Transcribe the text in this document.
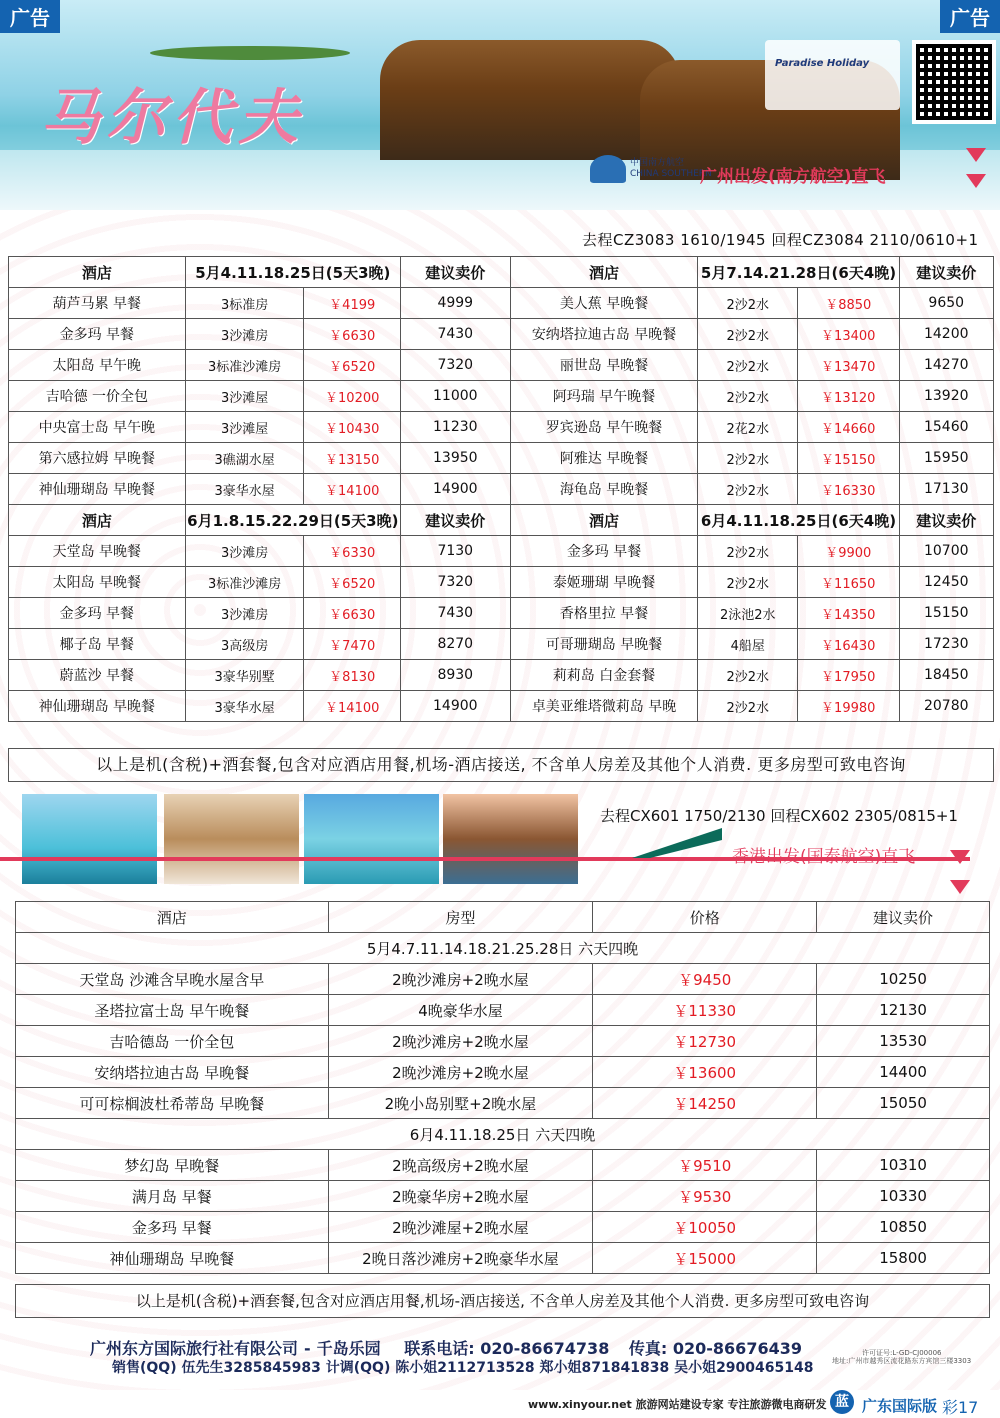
马尔代夫
Paradise Holiday
中国南方航空
CHINA SOUTHERN
广州出发(南方航空)直飞
广告	广告
去程CZ3083 1610/1945 回程CZ3084 2110/0610+1
酒店	5月4.11.18.25日(5天3晚)		建议卖价	酒店	5月7.14.21.28日(6天4晚)		建议卖价
葫芦马累 早餐	3标准房	￥4199	4999	美人蕉 早晚餐	2沙2水	￥8850	9650
金多玛 早餐	3沙滩房	￥6630	7430	安纳塔拉迪古岛 早晚餐	2沙2水	￥13400	14200
太阳岛 早午晚	3标准沙滩房	￥6520	7320	丽世岛 早晚餐	2沙2水	￥13470	14270
吉哈德 一价全包	3沙滩屋	￥10200	11000	阿玛瑞 早午晚餐	2沙2水	￥13120	13920
中央富士岛 早午晚	3沙滩屋	￥10430	11230	罗宾逊岛 早午晚餐	2花2水	￥14660	15460
第六感拉姆 早晚餐	3礁湖水屋	￥13150	13950	阿雅达 早晚餐	2沙2水	￥15150	15950
神仙珊瑚岛 早晚餐	3豪华水屋	￥14100	14900	海龟岛 早晚餐	2沙2水	￥16330	17130
酒店	6月1.8.15.22.29日(5天3晚)		建议卖价	酒店	6月4.11.18.25日(6天4晚)		建议卖价
天堂岛 早晚餐	3沙滩房	￥6330	7130	金多玛 早餐	2沙2水	￥9900	10700
太阳岛 早晚餐	3标准沙滩房	￥6520	7320	泰姬珊瑚 早晚餐	2沙2水	￥11650	12450
金多玛 早餐	3沙滩房	￥6630	7430	香格里拉 早餐	2泳池2水	￥14350	15150
椰子岛 早餐	3高级房	￥7470	8270	可哥珊瑚岛 早晚餐	4船屋	￥16430	17230
蔚蓝沙 早餐	3豪华别墅	￥8130	8930	莉莉岛 白金套餐	2沙2水	￥17950	18450
神仙珊瑚岛 早晚餐	3豪华水屋	￥14100	14900	卓美亚维塔微莉岛 早晚	2沙2水	￥19980	20780
以上是机(含税)+酒套餐,包含对应酒店用餐,机场-酒店接送, 不含单人房差及其他个人消费. 更多房型可致电咨询
去程CX601 1750/2130 回程CX602 2305/0815+1
香港出发(国泰航空)直飞
酒店	房型	价格	建议卖价
5月4.7.11.14.18.21.25.28日 六天四晚			
天堂岛 沙滩含早晚水屋含早	2晚沙滩房+2晚水屋	￥9450	10250
圣塔拉富士岛 早午晚餐	4晚豪华水屋	￥11330	12130
吉哈德岛 一价全包	2晚沙滩房+2晚水屋	￥12730	13530
安纳塔拉迪古岛 早晚餐	2晚沙滩房+2晚水屋	￥13600	14400
可可棕榈波杜希蒂岛 早晚餐	2晚小岛别墅+2晚水屋	￥14250	15050
6月4.11.18.25日 六天四晚			
梦幻岛 早晚餐	2晚高级房+2晚水屋	￥9510	10310
满月岛 早餐	2晚豪华房+2晚水屋	￥9530	10330
金多玛 早餐	2晚沙滩屋+2晚水屋	￥10050	10850
神仙珊瑚岛 早晚餐	2晚日落沙滩房+2晚豪华水屋	￥15000	15800
以上是机(含税)+酒套餐,包含对应酒店用餐,机场-酒店接送, 不含单人房差及其他个人消费. 更多房型可致电咨询
广州东方国际旅行社有限公司 - 千岛乐园 联系电话: 020-86674738 传真: 020-86676439
销售(QQ) 伍先生3285845983 计调(QQ) 陈小姐2112713528 郑小姐871841838 吴小姐2900465148
许可证号:L-GD-CJ00006
地址:广州市越秀区流花路东方宾馆三楼3303
www.xinyour.net 旅游网站建设专家 专注旅游微电商研发 蓝 广东国际版 彩17
